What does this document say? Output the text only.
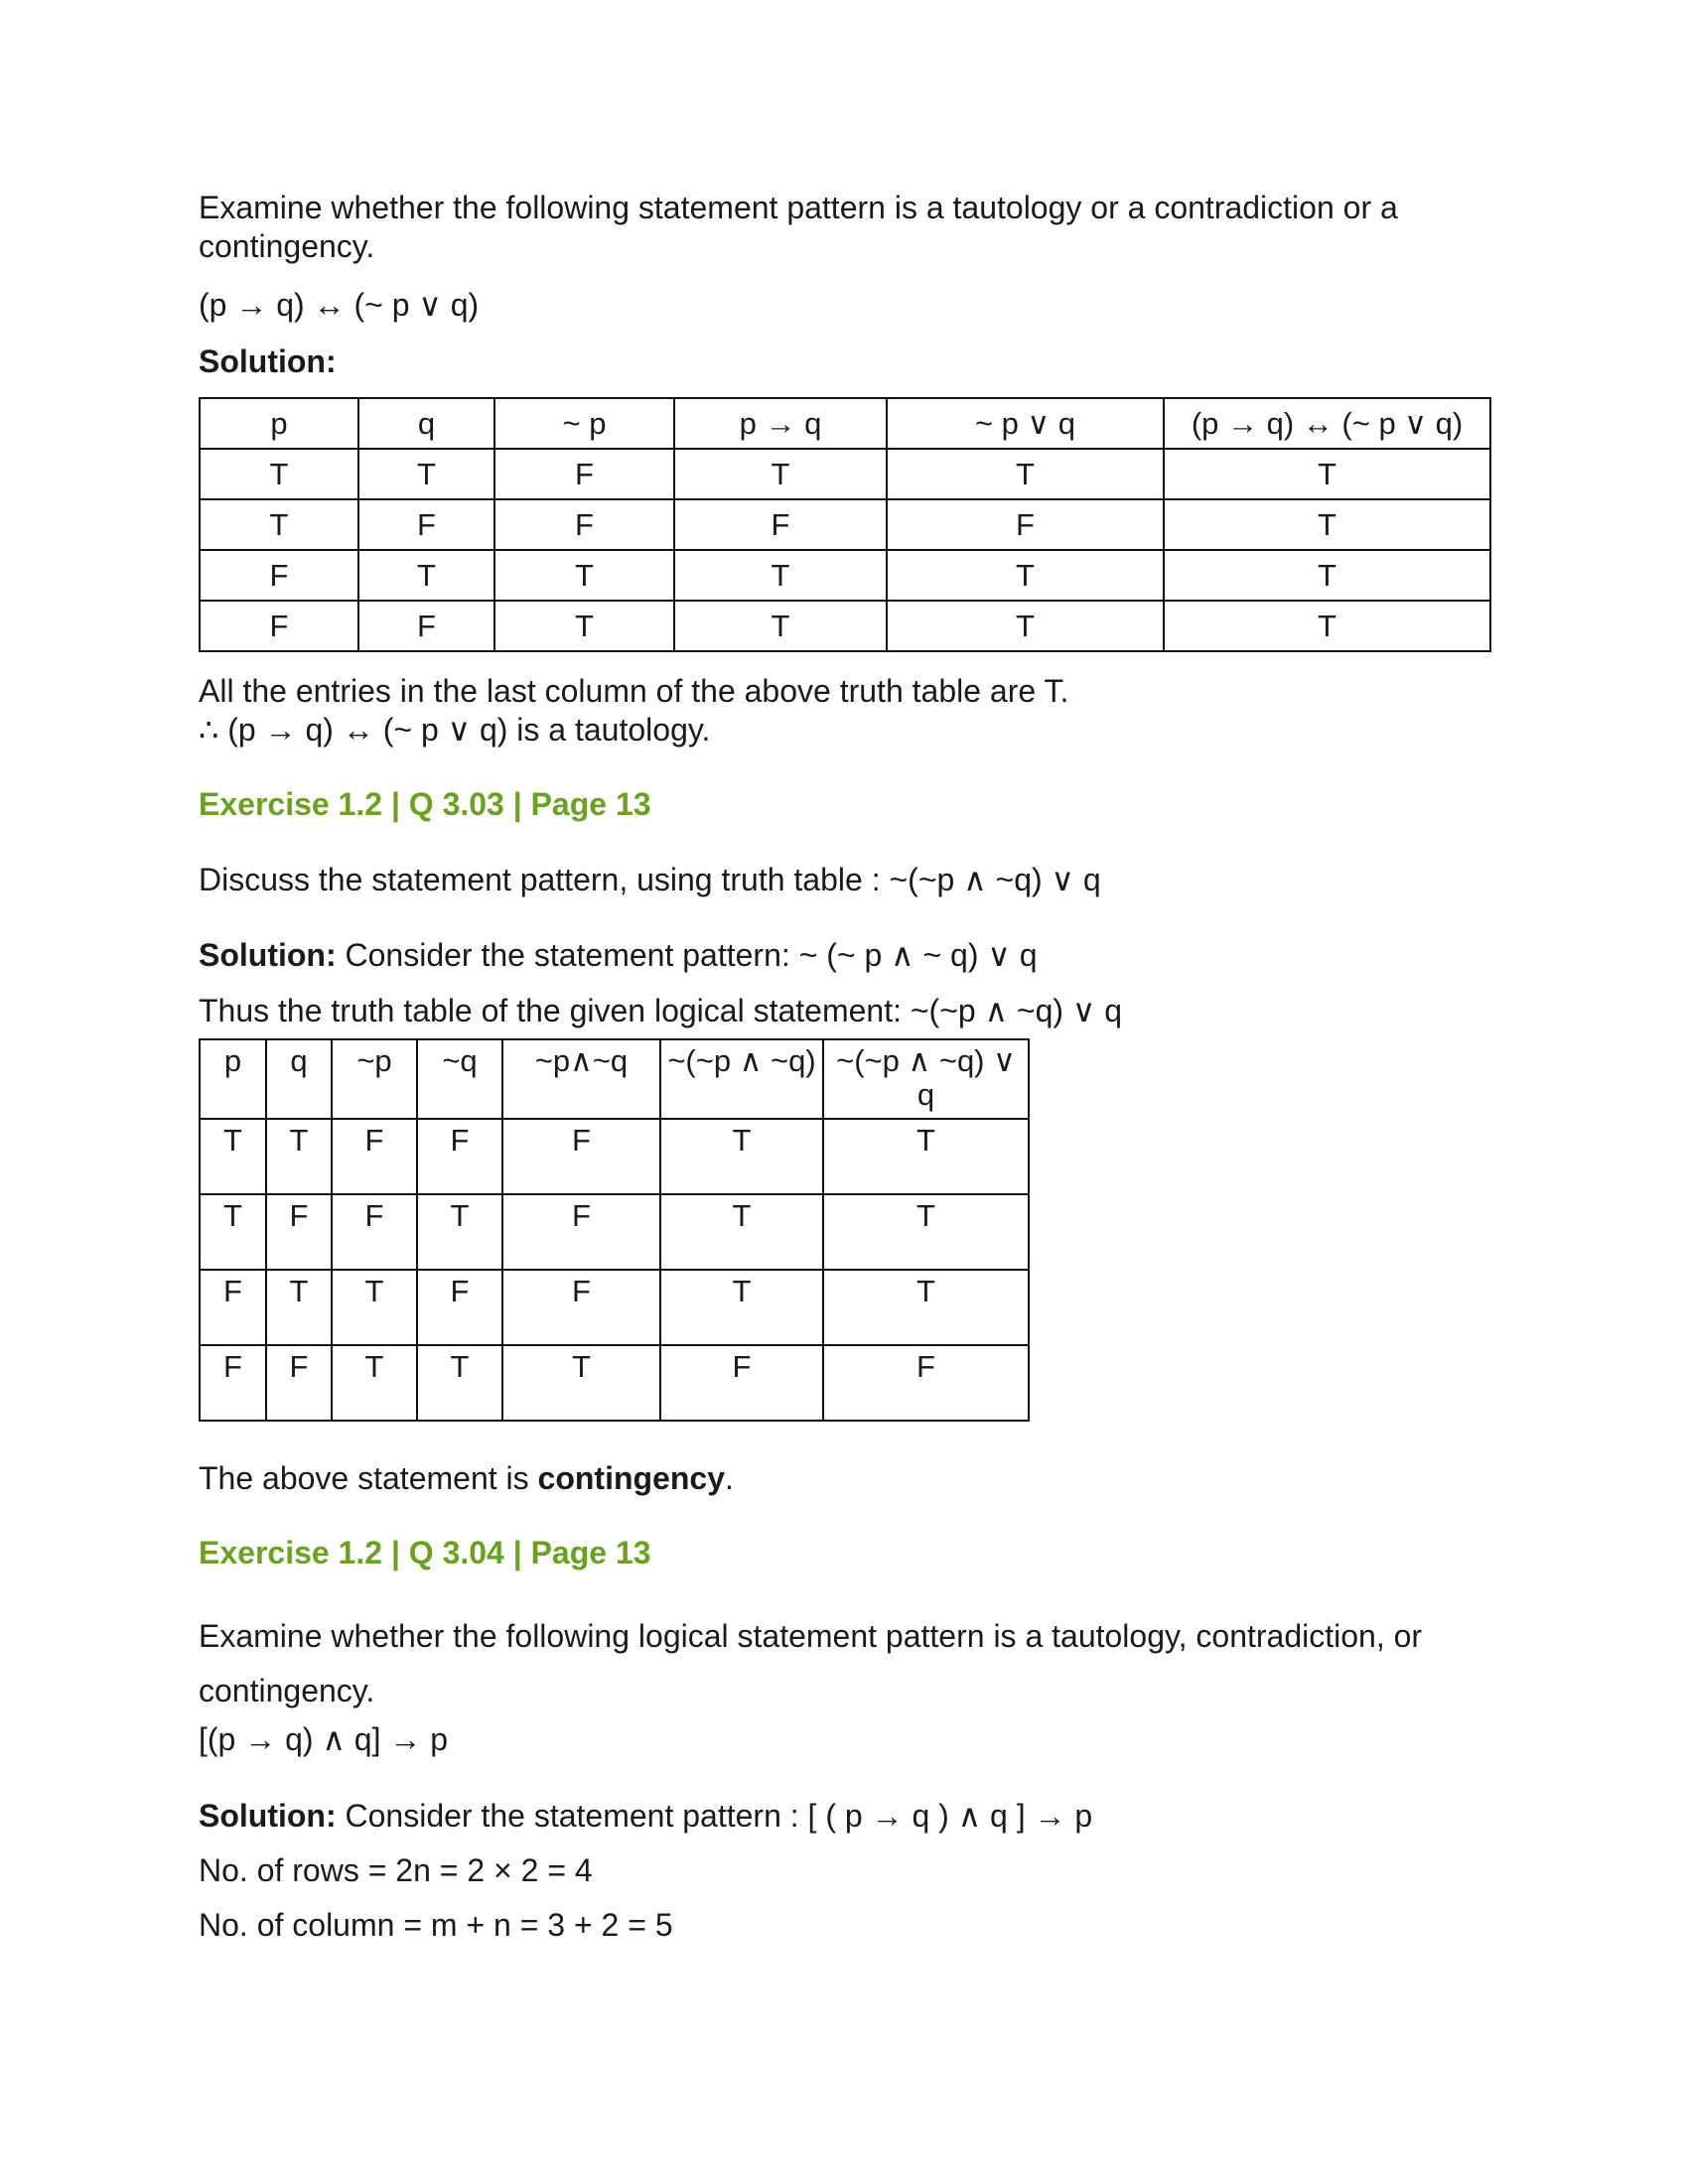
Examine whether the following statement pattern is a tautology or a contradiction or a contingency.

(p → q) ↔ (~ p ∨ q)

Solution:

p	q	~ p	p → q	~ p ∨ q	(p → q) ↔ (~ p ∨ q)
T	T	F	T	T	T
T	F	F	F	F	T
F	T	T	T	T	T
F	F	T	T	T	T

All the entries in the last column of the above truth table are T.

∴ (p → q) ↔ (~ p ∨ q) is a tautology.

Exercise 1.2 | Q 3.03 | Page 13

Discuss the statement pattern, using truth table : ~(~p ∧ ~q) ∨ q

Solution: Consider the statement pattern: ~ (~ p ∧ ~ q) ∨ q

Thus the truth table of the given logical statement: ~(~p ∧ ~q) ∨ q

p	q	~p	~q	~p∧~q	~(~p ∧ ~q)	~(~p ∧ ~q) ∨ q
T	T	F	F	F	T	T
T	F	F	T	F	T	T
F	T	T	F	F	T	T
F	F	T	T	T	F	F

The above statement is contingency.

Exercise 1.2 | Q 3.04 | Page 13

Examine whether the following logical statement pattern is a tautology, contradiction, or contingency.

[(p → q) ∧ q] → p

Solution: Consider the statement pattern : [ ( p → q ) ∧ q ] → p

No. of rows = 2n = 2 × 2 = 4

No. of column = m + n = 3 + 2 = 5
